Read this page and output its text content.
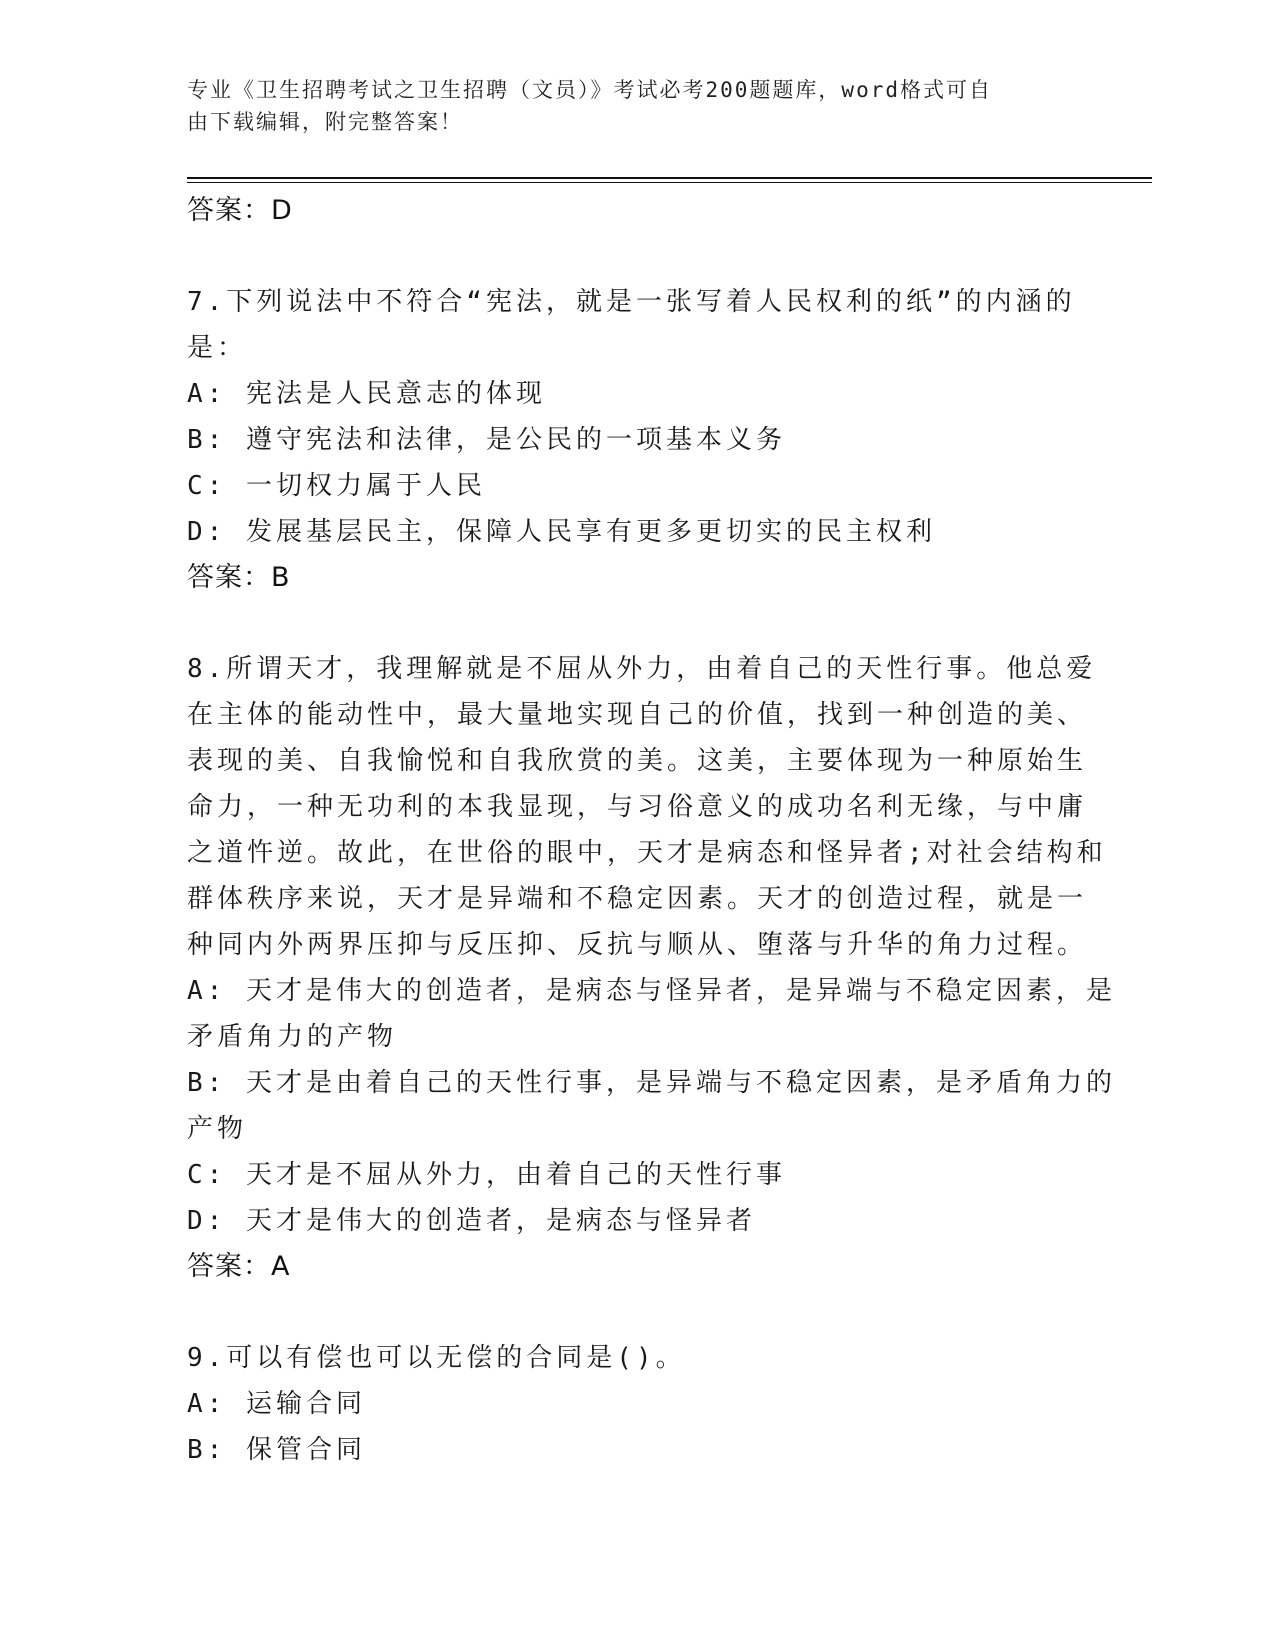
专业《卫生招聘考试之卫生招聘（文员）》考试必考200题题库，word格式可自
由下载编辑，附完整答案！
答案：D
7.下列说法中不符合“宪法，就是一张写着人民权利的纸”的内涵的
是：
A: 宪法是人民意志的体现
B: 遵守宪法和法律，是公民的一项基本义务
C: 一切权力属于人民
D: 发展基层民主，保障人民享有更多更切实的民主权利
答案：B
8.所谓天才，我理解就是不屈从外力，由着自己的天性行事。他总爱
在主体的能动性中，最大量地实现自己的价值，找到一种创造的美、
表现的美、自我愉悦和自我欣赏的美。这美，主要体现为一种原始生
命力，一种无功利的本我显现，与习俗意义的成功名利无缘，与中庸
之道忤逆。故此，在世俗的眼中，天才是病态和怪异者;对社会结构和
群体秩序来说，天才是异端和不稳定因素。天才的创造过程，就是一
种同内外两界压抑与反压抑、反抗与顺从、堕落与升华的角力过程。
A: 天才是伟大的创造者，是病态与怪异者，是异端与不稳定因素，是
矛盾角力的产物
B: 天才是由着自己的天性行事，是异端与不稳定因素，是矛盾角力的
产物
C: 天才是不屈从外力，由着自己的天性行事
D: 天才是伟大的创造者，是病态与怪异者
答案：A
9.可以有偿也可以无偿的合同是()。
A: 运输合同
B: 保管合同
